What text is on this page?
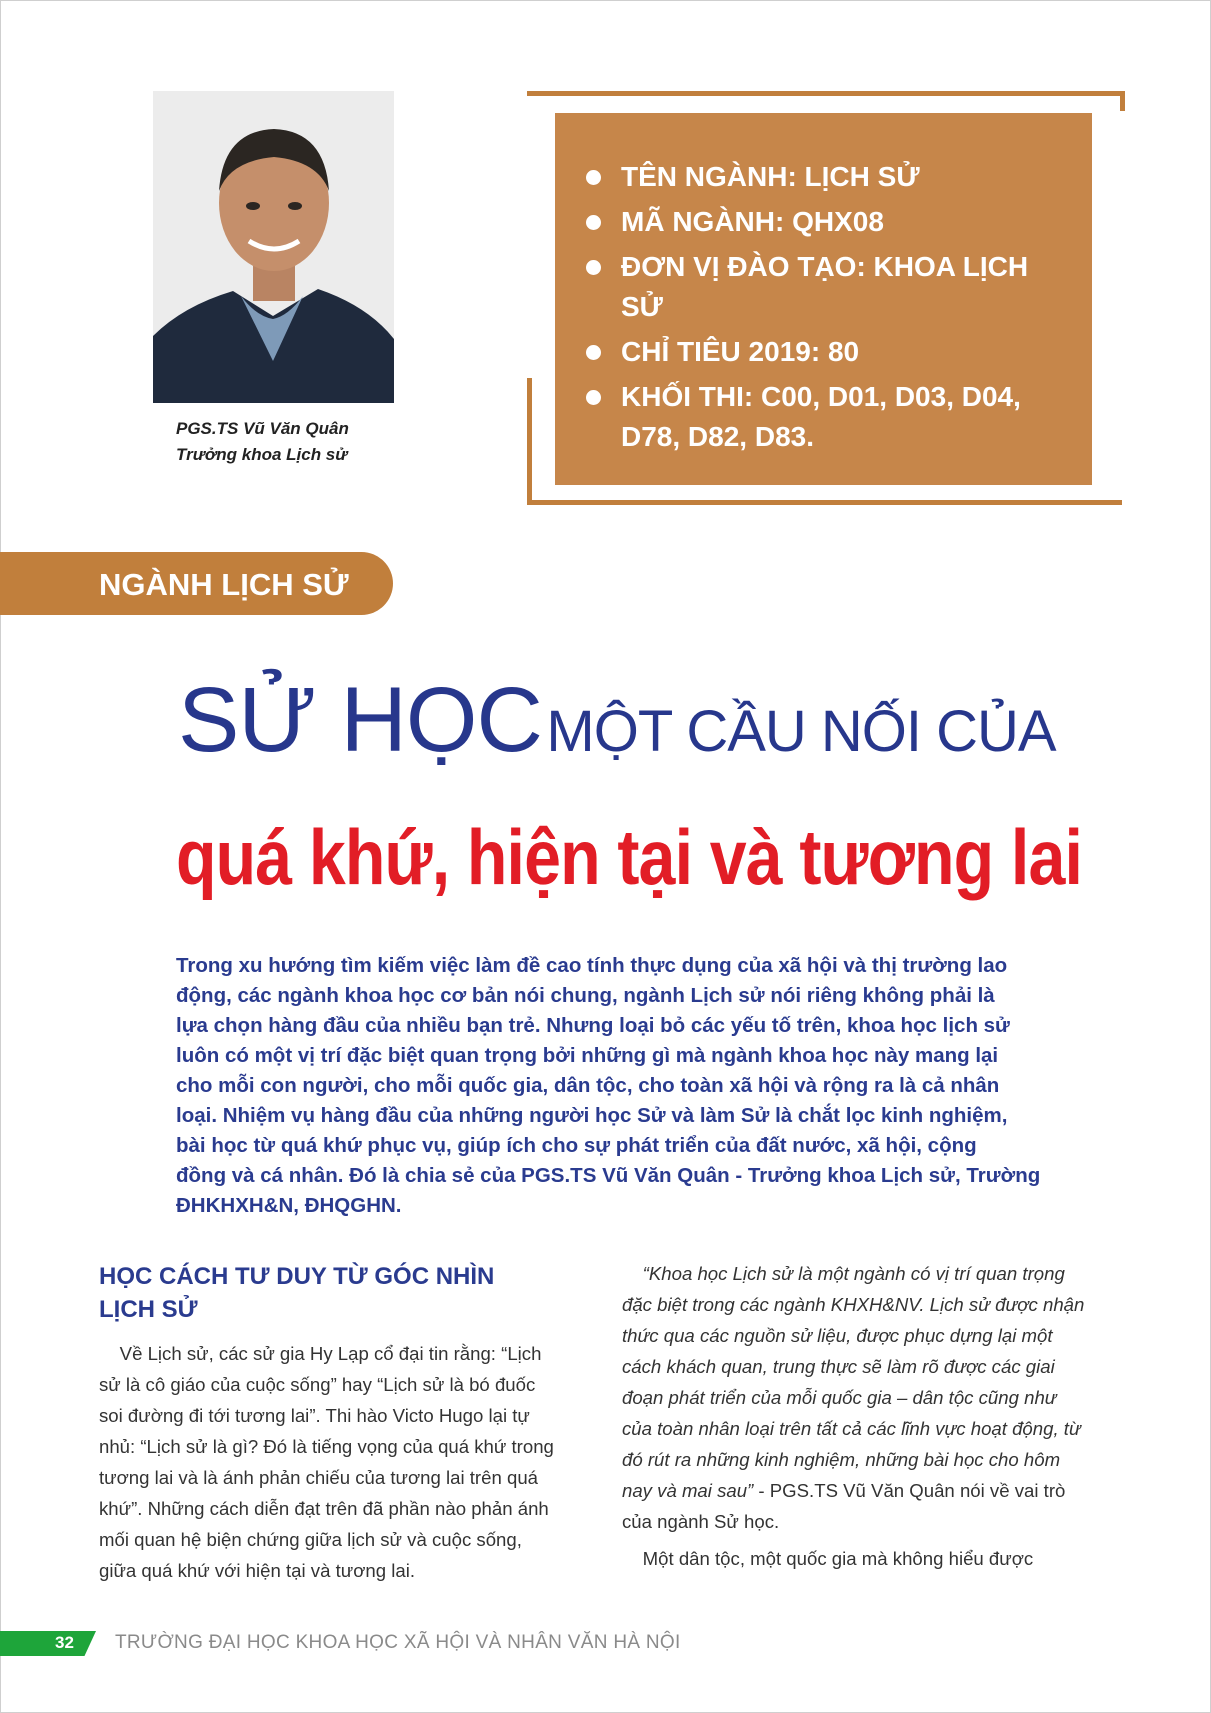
PGS.TS Vũ Văn Quân
Trưởng khoa Lịch sử
TÊN NGÀNH: LỊCH SỬ
MÃ NGÀNH: QHX08
ĐƠN VỊ ĐÀO TẠO: KHOA LỊCH SỬ
CHỈ TIÊU 2019: 80
KHỐI THI: C00, D01, D03, D04, D78, D82, D83.
NGÀNH LỊCH SỬ
SỬ HỌC MỘT CẦU NỐI CỦA
quá khứ, hiện tại và tương lai
Trong xu hướng tìm kiếm việc làm đề cao tính thực dụng của xã hội và thị trường lao
động, các ngành khoa học cơ bản nói chung, ngành Lịch sử nói riêng không phải là
lựa chọn hàng đầu của nhiều bạn trẻ. Nhưng loại bỏ các yếu tố trên, khoa học lịch sử
luôn có một vị trí đặc biệt quan trọng bởi những gì mà ngành khoa học này mang lại
cho mỗi con người, cho mỗi quốc gia, dân tộc, cho toàn xã hội và rộng ra là cả nhân
loại. Nhiệm vụ hàng đầu của những người học Sử và làm Sử là chắt lọc kinh nghiệm,
bài học từ quá khứ phục vụ, giúp ích cho sự phát triển của đất nước, xã hội, cộng
đồng và cá nhân. Đó là chia sẻ của PGS.TS Vũ Văn Quân - Trưởng khoa Lịch sử, Trường
ĐHKHXH&N, ĐHQGHN.
HỌC CÁCH TƯ DUY TỪ GÓC NHÌN
LỊCH SỬ
Về Lịch sử, các sử gia Hy Lạp cổ đại tin rằng: “Lịch
sử là cô giáo của cuộc sống” hay “Lịch sử là bó đuốc
soi đường đi tới tương lai”. Thi hào Victo Hugo lại tự
nhủ: “Lịch sử là gì? Đó là tiếng vọng của quá khứ trong
tương lai và là ánh phản chiếu của tương lai trên quá
khứ”. Những cách diễn đạt trên đã phần nào phản ánh
mối quan hệ biện chứng giữa lịch sử và cuộc sống,
giữa quá khứ với hiện tại và tương lai.
“Khoa học Lịch sử là một ngành có vị trí quan trọng
đặc biệt trong các ngành KHXH&NV. Lịch sử được nhận
thức qua các nguồn sử liệu, được phục dựng lại một
cách khách quan, trung thực sẽ làm rõ được các giai
đoạn phát triển của mỗi quốc gia – dân tộc cũng như
của toàn nhân loại trên tất cả các lĩnh vực hoạt động, từ
đó rút ra những kinh nghiệm, những bài học cho hôm
nay và mai sau” - PGS.TS Vũ Văn Quân nói về vai trò
của ngành Sử học.
Một dân tộc, một quốc gia mà không hiểu được
32 TRƯỜNG ĐẠI HỌC KHOA HỌC XÃ HỘI VÀ NHÂN VĂN HÀ NỘI
